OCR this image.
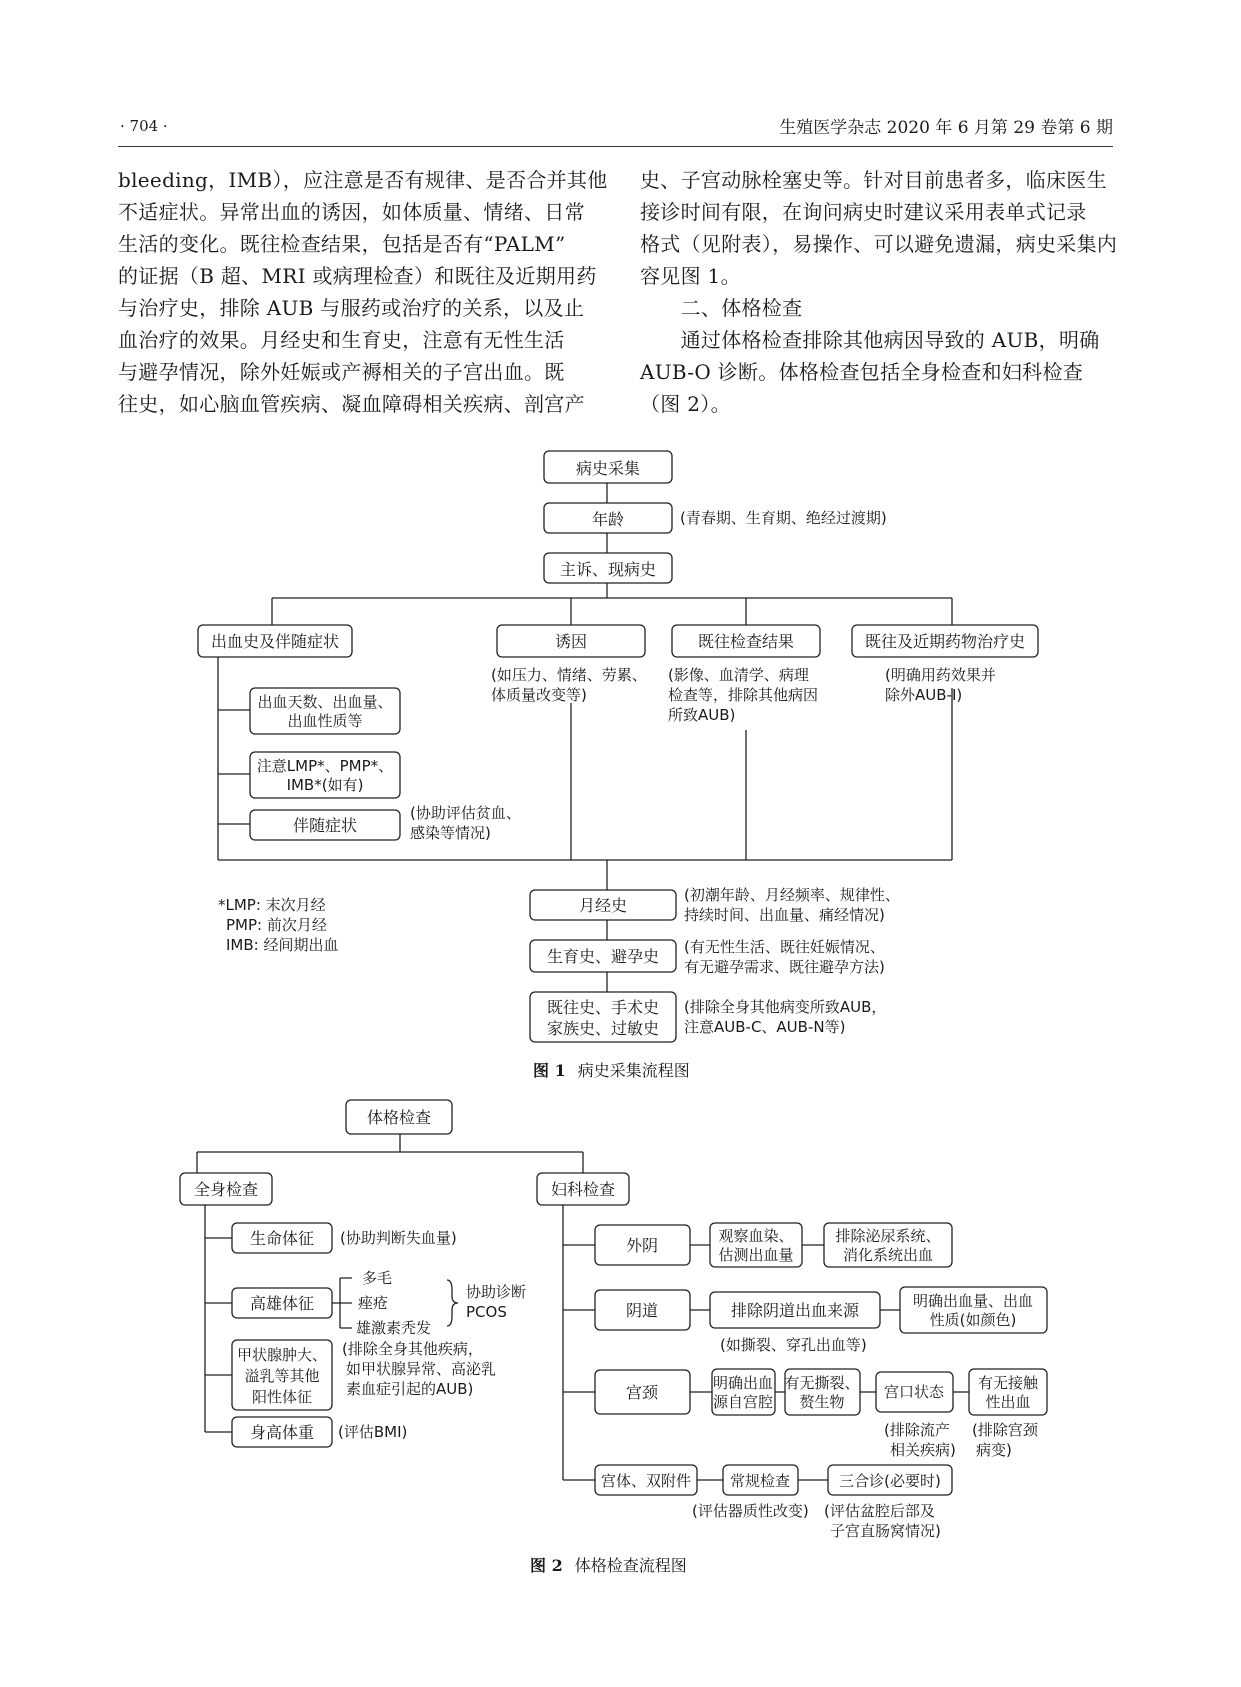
· 704 ·	生殖医学杂志 2020 年 6 月第 29 卷第 6 期
bleeding，IMB），应注意是否有规律、是否合并其他
不适症状。异常出血的诱因，如体质量、情绪、日常
生活的变化。既往检查结果，包括是否有“PALM”
的证据（B 超、MRI 或病理检查）和既往及近期用药
与治疗史，排除 AUB 与服药或治疗的关系，以及止
血治疗的效果。月经史和生育史，注意有无性生活
与避孕情况，除外妊娠或产褥相关的子宫出血。既
往史，如心脑血管疾病、凝血障碍相关疾病、剖宫产
史、子宫动脉栓塞史等。针对目前患者多，临床医生
接诊时间有限，在询问病史时建议采用表单式记录
格式（见附表），易操作、可以避免遗漏，病史采集内
容见图 1。
　　二、体格检查
　　通过体格检查排除其他病因导致的 AUB，明确
AUB-O 诊断。体格检查包括全身检查和妇科检查
（图 2）。
病史采集
年龄	(青春期、生育期、绝经过渡期)
主诉、现病史
出血史及伴随症状	诱因
(如压力、情绪、劳累、
体质量改变等)
既往检查结果
(影像、血清学、病理
检查等，排除其他病因
所致AUB)
既往及近期药物治疗史
(明确用药效果并
除外AUB-I)
出血天数、出血量、
出血性质等
注意LMP*、PMP*、
IMB*(如有)
伴随症状
(协助评估贫血、
感染等情况)
*LMP: 末次月经
PMP: 前次月经
IMB: 经间期出血
月经史
(初潮年龄、月经频率、规律性、
持续时间、出血量、痛经情况)
生育史、避孕史 (有无性生活、既往妊娠情况、
有无避孕需求、既往避孕方法)
既往史、手术史
家族史、过敏史
(排除全身其他病变所致AUB，
注意AUB-C、AUB-N等)
图 1 病史采集流程图
体格检查
全身检查	妇科检查
生命体征 (协助判断失血量)
高雄体征
多毛
痤疮
雄激素秃发
协助诊断
PCOS
甲状腺肿大、
溢乳等其他
阳性体征
(排除全身其他疾病，
如甲状腺异常、高泌乳
素血症引起的AUB)
身高体重 (评估BMI)
外阴	观察血染、
估测出血量
排除泌尿系统、
消化系统出血
阴道	排除阴道出血来源
(如撕裂、穿孔出血等)
明确出血量、出血
性质(如颜色)
宫颈	明确出血
源自宫腔
有无撕裂、
赘生物
宫口状态 有无接触
性出血
(排除流产
相关疾病)
(排除宫颈
病变)
宫体、双附件	常规检查	三合诊(必要时)
(评估器质性改变) (评估盆腔后部及
子宫直肠窝情况)
图 2 体格检查流程图
